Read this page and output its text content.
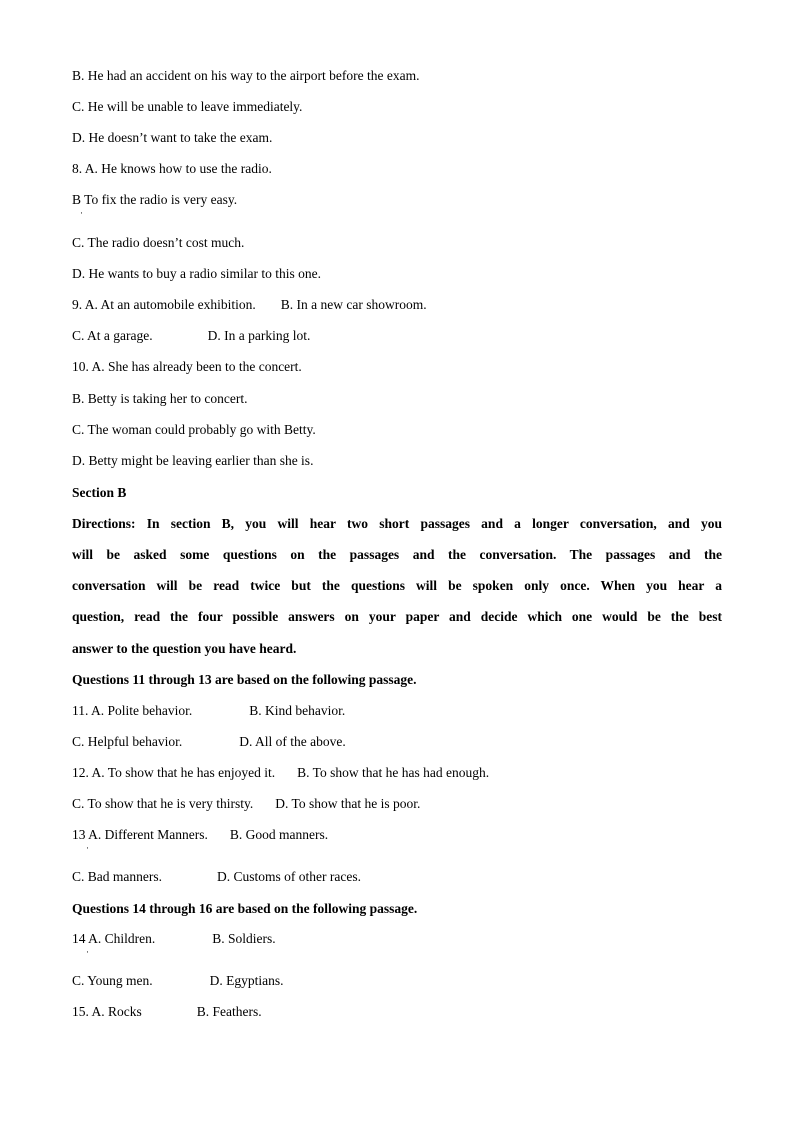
B. He had an accident on his way to the airport before the exam.
C. He will be unable to leave immediately.
D. He doesn’t want to take the exam.
8. A. He knows how to use the radio.
B To fix the radio is very easy.
·
C. The radio doesn’t cost much.
D. He wants to buy a radio similar to this one.
9. A. At an automobile exhibition. B. In a new car showroom.
C. At a garage.	D. In a parking lot.
10. A. She has already been to the concert.
B. Betty is taking her to concert.
C. The woman could probably go with Betty.
D. Betty might be leaving earlier than she is.
Section B
Directions: In section B, you will hear two short passages and a longer conversation, and you
will be asked some questions on the passages and the conversation. The passages and the
conversation will be read twice but the questions will be spoken only once. When you hear a
question, read the four possible answers on your paper and decide which one would be the best
answer to the question you have heard.
Questions 11 through 13 are based on the following passage.
11. A. Polite behavior.	B. Kind behavior.
C. Helpful behavior.	D. All of the above.
12. A. To show that he has enjoyed it. B. To show that he has had enough.
C. To show that he is very thirsty. D. To show that he is poor.
13 A. Different Manners. B. Good manners.
·
C. Bad manners.	D. Customs of other races.
Questions 14 through 16 are based on the following passage.
14 A. Children.	B. Soldiers.
·
C. Young men.	D. Egyptians.
15. A. Rocks	B. Feathers.
